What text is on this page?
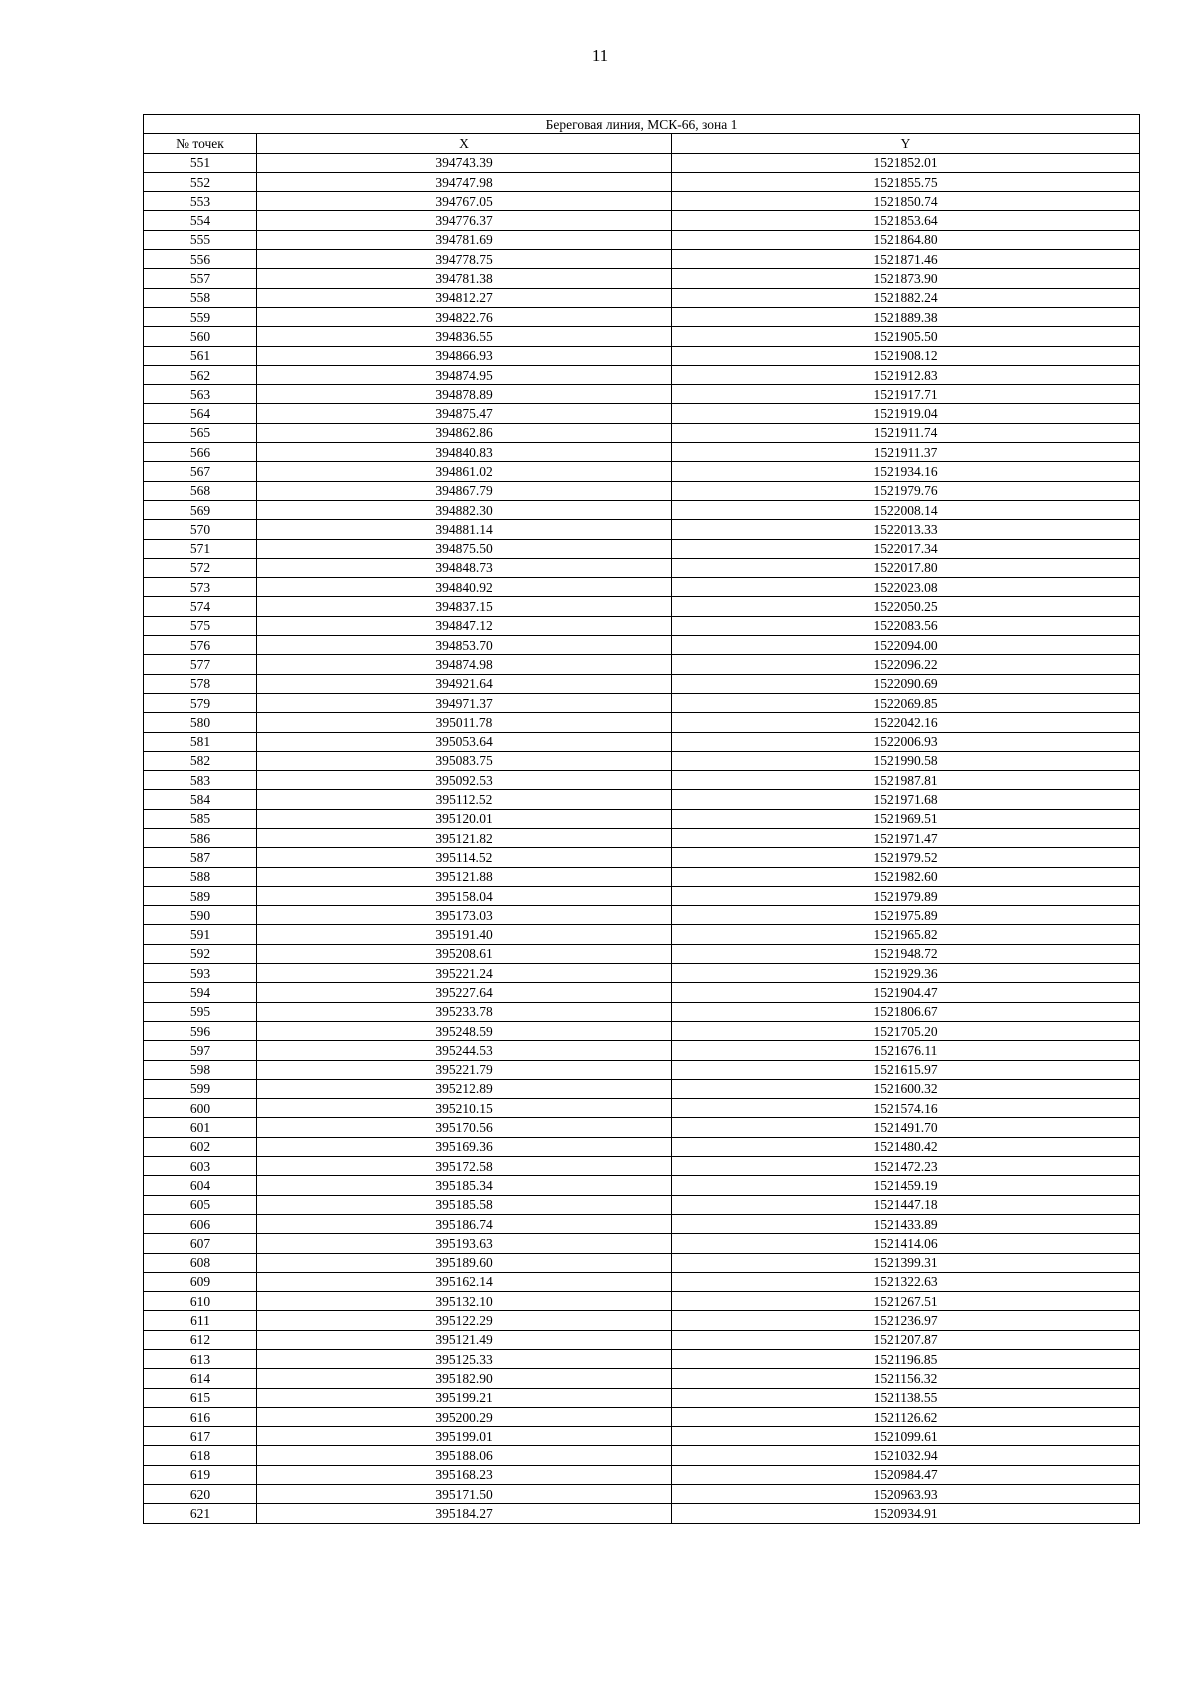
11
Береговая линия, МСК-66, зона 1		
№ точек	X	Y
551	394743.39	1521852.01
552	394747.98	1521855.75
553	394767.05	1521850.74
554	394776.37	1521853.64
555	394781.69	1521864.80
556	394778.75	1521871.46
557	394781.38	1521873.90
558	394812.27	1521882.24
559	394822.76	1521889.38
560	394836.55	1521905.50
561	394866.93	1521908.12
562	394874.95	1521912.83
563	394878.89	1521917.71
564	394875.47	1521919.04
565	394862.86	1521911.74
566	394840.83	1521911.37
567	394861.02	1521934.16
568	394867.79	1521979.76
569	394882.30	1522008.14
570	394881.14	1522013.33
571	394875.50	1522017.34
572	394848.73	1522017.80
573	394840.92	1522023.08
574	394837.15	1522050.25
575	394847.12	1522083.56
576	394853.70	1522094.00
577	394874.98	1522096.22
578	394921.64	1522090.69
579	394971.37	1522069.85
580	395011.78	1522042.16
581	395053.64	1522006.93
582	395083.75	1521990.58
583	395092.53	1521987.81
584	395112.52	1521971.68
585	395120.01	1521969.51
586	395121.82	1521971.47
587	395114.52	1521979.52
588	395121.88	1521982.60
589	395158.04	1521979.89
590	395173.03	1521975.89
591	395191.40	1521965.82
592	395208.61	1521948.72
593	395221.24	1521929.36
594	395227.64	1521904.47
595	395233.78	1521806.67
596	395248.59	1521705.20
597	395244.53	1521676.11
598	395221.79	1521615.97
599	395212.89	1521600.32
600	395210.15	1521574.16
601	395170.56	1521491.70
602	395169.36	1521480.42
603	395172.58	1521472.23
604	395185.34	1521459.19
605	395185.58	1521447.18
606	395186.74	1521433.89
607	395193.63	1521414.06
608	395189.60	1521399.31
609	395162.14	1521322.63
610	395132.10	1521267.51
611	395122.29	1521236.97
612	395121.49	1521207.87
613	395125.33	1521196.85
614	395182.90	1521156.32
615	395199.21	1521138.55
616	395200.29	1521126.62
617	395199.01	1521099.61
618	395188.06	1521032.94
619	395168.23	1520984.47
620	395171.50	1520963.93
621	395184.27	1520934.91
